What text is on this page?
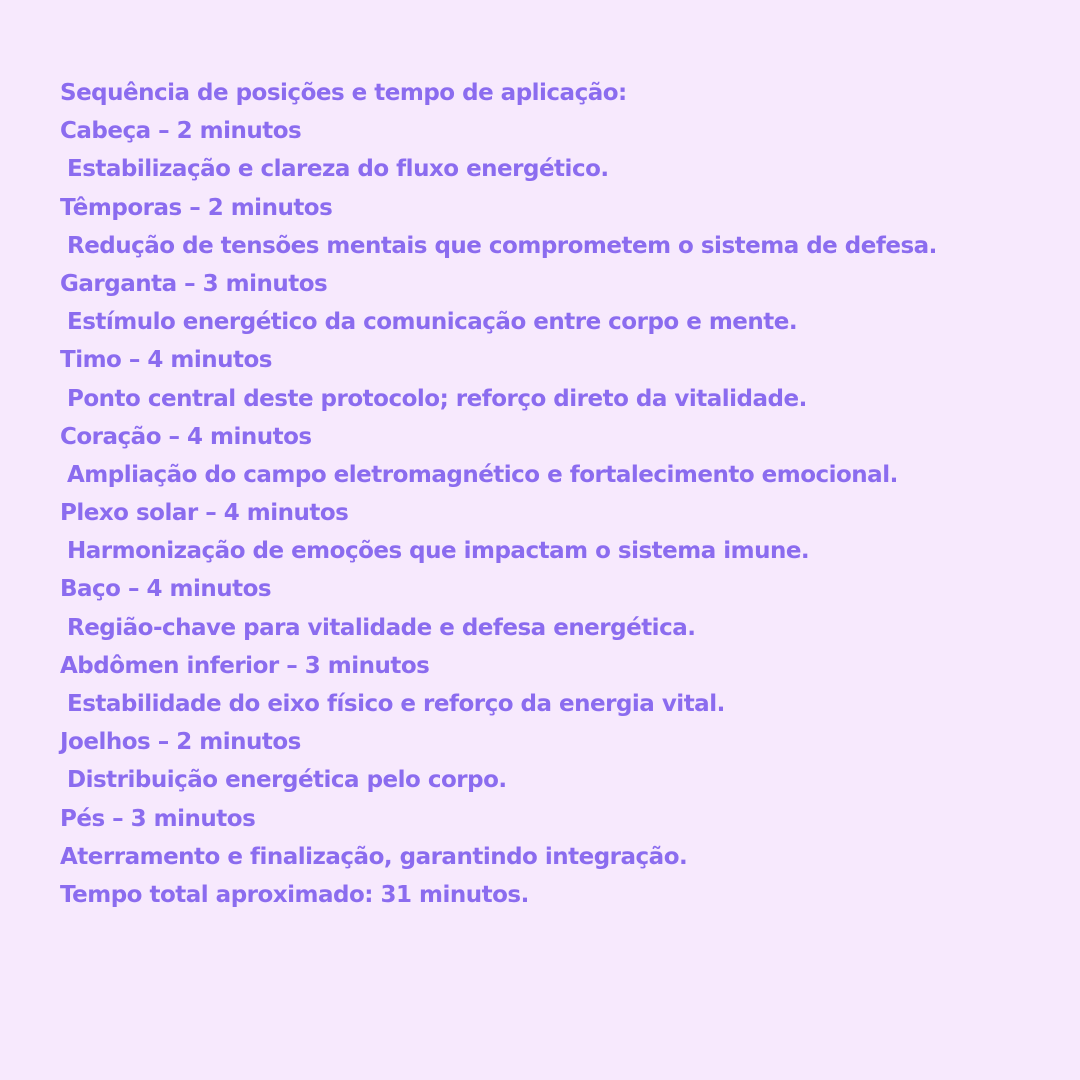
Sequência de posições e tempo de aplicação:
Cabeça – 2 minutos
Estabilização e clareza do fluxo energético.
Têmporas – 2 minutos
Redução de tensões mentais que comprometem o sistema de defesa.
Garganta – 3 minutos
Estímulo energético da comunicação entre corpo e mente.
Timo – 4 minutos
Ponto central deste protocolo; reforço direto da vitalidade.
Coração – 4 minutos
Ampliação do campo eletromagnético e fortalecimento emocional.
Plexo solar – 4 minutos
Harmonização de emoções que impactam o sistema imune.
Baço – 4 minutos
Região-chave para vitalidade e defesa energética.
Abdômen inferior – 3 minutos
Estabilidade do eixo físico e reforço da energia vital.
Joelhos – 2 minutos
Distribuição energética pelo corpo.
Pés – 3 minutos
Aterramento e finalização, garantindo integração.
Tempo total aproximado: 31 minutos.
